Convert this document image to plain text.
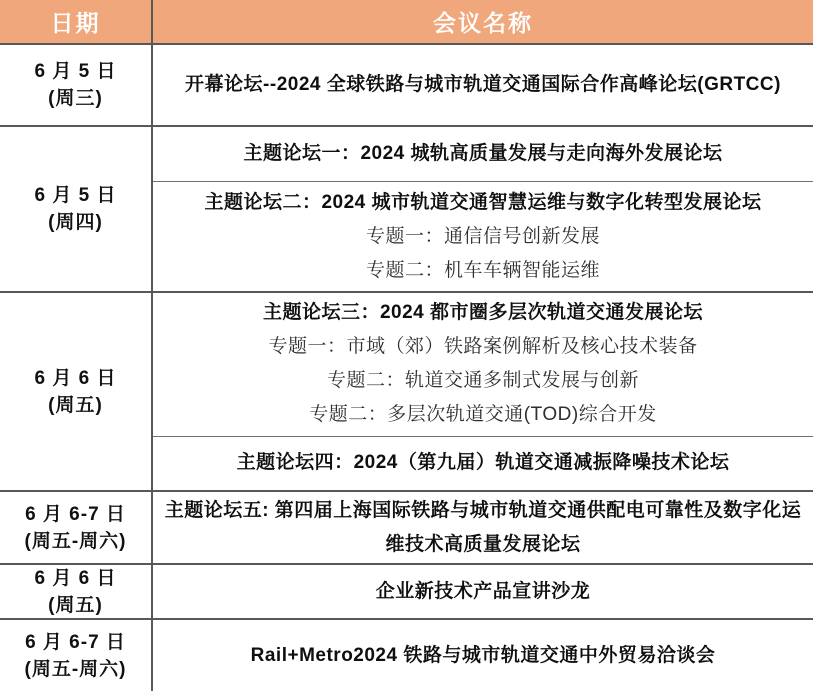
日期	会议名称
6 月 5 日
(周三)
开幕论坛--2024 全球铁路与城市轨道交通国际合作高峰论坛(GRTCC)
6 月 5 日
(周四)
主题论坛一：2024 城轨高质量发展与走向海外发展论坛
主题论坛二：2024 城市轨道交通智慧运维与数字化转型发展论坛
专题一：通信信号创新发展
专题二：机车车辆智能运维
6 月 6 日
(周五)
主题论坛三：2024 都市圈多层次轨道交通发展论坛
专题一：市域（郊）铁路案例解析及核心技术装备
专题二：轨道交通多制式发展与创新
专题二：多层次轨道交通(TOD)综合开发
主题论坛四：2024（第九届）轨道交通减振降噪技术论坛
6 月 6-7 日
(周五-周六)
主题论坛五: 第四届上海国际铁路与城市轨道交通供配电可靠性及数字化运维技术高质量发展论坛
6 月 6 日
(周五)
企业新技术产品宣讲沙龙
6 月 6-7 日
(周五-周六)
Rail+Metro2024 铁路与城市轨道交通中外贸易洽谈会
